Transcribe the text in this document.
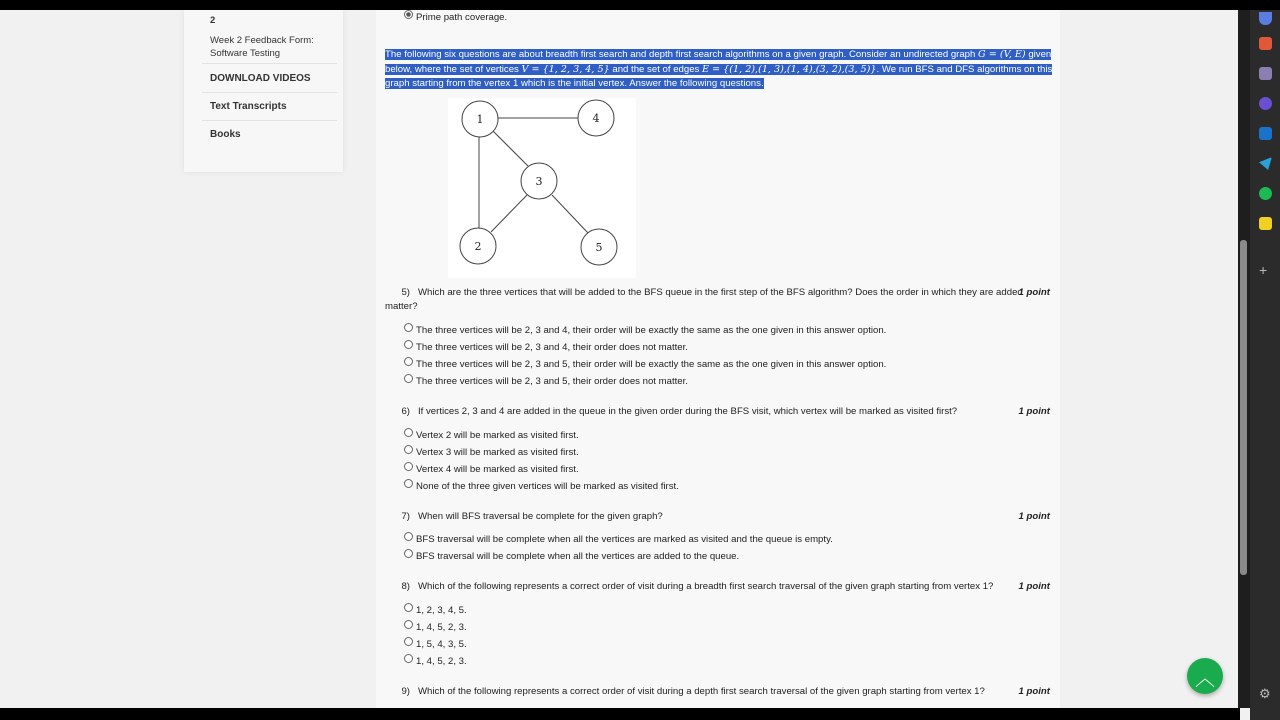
2
Week 2 Feedback Form: Software Testing
DOWNLOAD VIDEOS
Text Transcripts
Books
Prime path coverage.
The following six questions are about breadth first search and depth first search algorithms on a given graph. Consider an undirected graph G = (V, E) given below, where the set of vertices V = {1, 2, 3, 4, 5} and the set of edges E = {(1, 2),(1, 3),(1, 4),(3, 2),(3, 5)}. We run BFS and DFS algorithms on this graph starting from the vertex 1 which is the initial vertex. Answer the following questions.
1
2
3
4
5
5) Which are the three vertices that will be added to the BFS queue in the first step of the BFS algorithm? Does the order in which they are added matter?
1 point
The three vertices will be 2, 3 and 4, their order will be exactly the same as the one given in this answer option.
The three vertices will be 2, 3 and 4, their order does not matter.
The three vertices will be 2, 3 and 5, their order will be exactly the same as the one given in this answer option.
The three vertices will be 2, 3 and 5, their order does not matter.
6) If vertices 2, 3 and 4 are added in the queue in the given order during the BFS visit, which vertex will be marked as visited first?	1 point
Vertex 2 will be marked as visited first.
Vertex 3 will be marked as visited first.
Vertex 4 will be marked as visited first.
None of the three given vertices will be marked as visited first.
7) When will BFS traversal be complete for the given graph?	1 point
BFS traversal will be complete when all the vertices are marked as visited and the queue is empty.
BFS traversal will be complete when all the vertices are added to the queue.
8) Which of the following represents a correct order of visit during a breadth first search traversal of the given graph starting from vertex 1?	1 point
1, 2, 3, 4, 5.
1, 4, 5, 2, 3.
1, 5, 4, 3, 5.
1, 4, 5, 2, 3.
9) Which of the following represents a correct order of visit during a depth first search traversal of the given graph starting from vertex 1?	1 point
+
⚙
︿
